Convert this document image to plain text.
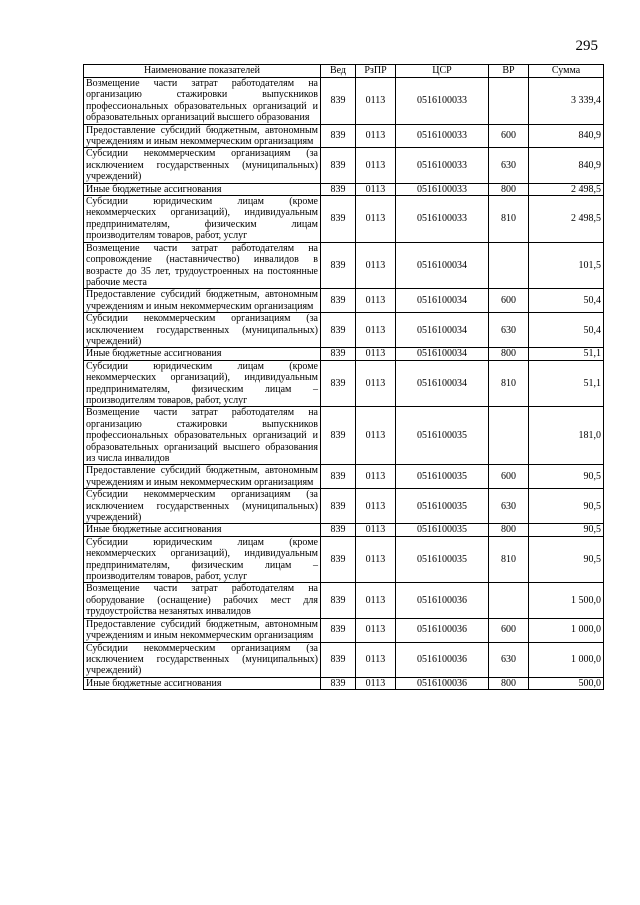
295
Наименование показателей	Вед	РзПР	ЦСР	ВР	Сумма
Возмещение части затрат работодателям на организацию стажировки выпускников профессиональных образовательных организаций и образовательных организаций высшего образования	839	0113	0516100033		3 339,4
Предоставление субсидий бюджетным, автономным учреждениям и иным некоммерческим организациям	839	0113	0516100033	600	840,9
Субсидии некоммерческим организациям (за исключением государственных (муниципальных) учреждений)	839	0113	0516100033	630	840,9
Иные бюджетные ассигнования	839	0113	0516100033	800	2 498,5
Субсидии юридическим лицам (кроме некоммерческих организаций), индивидуальным предпринимателям, физическим лицам производителям товаров, работ, услуг	839	0113	0516100033	810	2 498,5
Возмещение части затрат работодателям на сопровождение (наставничество) инвалидов в возрасте до 35 лет, трудоустроенных на постоянные рабочие места	839	0113	0516100034		101,5
Предоставление субсидий бюджетным, автономным учреждениям и иным некоммерческим организациям	839	0113	0516100034	600	50,4
Субсидии некоммерческим организациям (за исключением государственных (муниципальных) учреждений)	839	0113	0516100034	630	50,4
Иные бюджетные ассигнования	839	0113	0516100034	800	51,1
Субсидии юридическим лицам (кроме некоммерческих организаций), индивидуальным предпринимателям, физическим лицам – производителям товаров, работ, услуг	839	0113	0516100034	810	51,1
Возмещение части затрат работодателям на организацию стажировки выпускников профессиональных образовательных организаций и образовательных организаций высшего образования из числа инвалидов	839	0113	0516100035		181,0
Предоставление субсидий бюджетным, автономным учреждениям и иным некоммерческим организациям	839	0113	0516100035	600	90,5
Субсидии некоммерческим организациям (за исключением государственных (муниципальных) учреждений)	839	0113	0516100035	630	90,5
Иные бюджетные ассигнования	839	0113	0516100035	800	90,5
Субсидии юридическим лицам (кроме некоммерческих организаций), индивидуальным предпринимателям, физическим лицам – производителям товаров, работ, услуг	839	0113	0516100035	810	90,5
Возмещение части затрат работодателям на оборудование (оснащение) рабочих мест для трудоустройства незанятых инвалидов	839	0113	0516100036		1 500,0
Предоставление субсидий бюджетным, автономным учреждениям и иным некоммерческим организациям	839	0113	0516100036	600	1 000,0
Субсидии некоммерческим организациям (за исключением государственных (муниципальных) учреждений)	839	0113	0516100036	630	1 000,0
Иные бюджетные ассигнования	839	0113	0516100036	800	500,0
